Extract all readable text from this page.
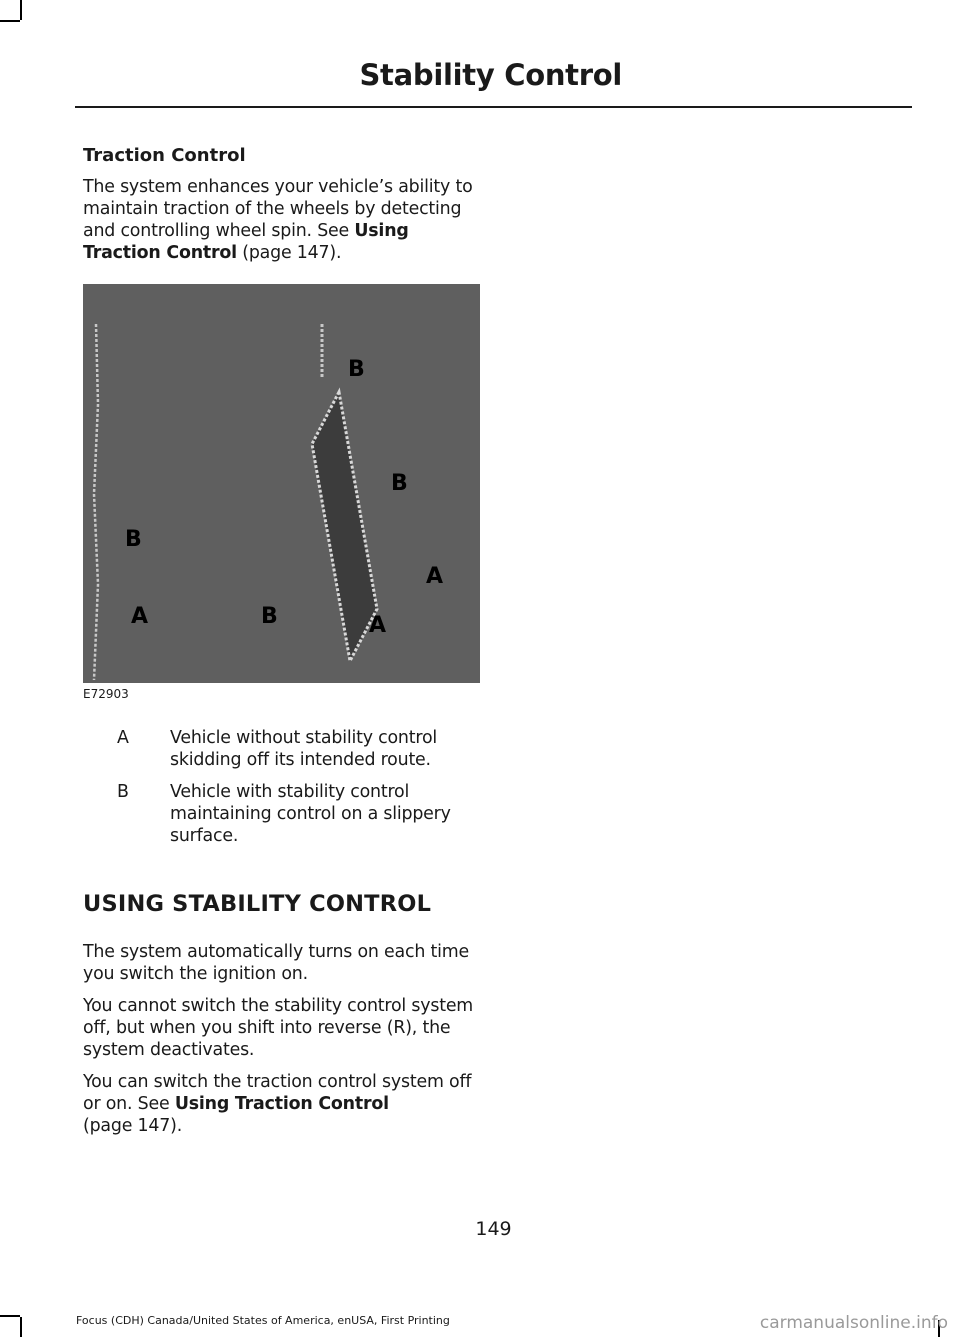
Stability Control
Traction Control

The system enhances your vehicle’s ability to maintain traction of the wheels by detecting and controlling wheel spin. See Using Traction Control (page 147).

B
B
B
A
B
A	A
E72903
A	Vehicle without stability control skidding off its intended route.
B	Vehicle with stability control maintaining control on a slippery surface.
USING STABILITY CONTROL

The system automatically turns on each time you switch the ignition on.

You cannot switch the stability control system off, but when you shift into reverse (R), the system deactivates.

You can switch the traction control system off or on. See Using Traction Control
(page 147).

149
Focus (CDH) Canada/United States of America, enUSA, First Printing	carmanualsonline.info
